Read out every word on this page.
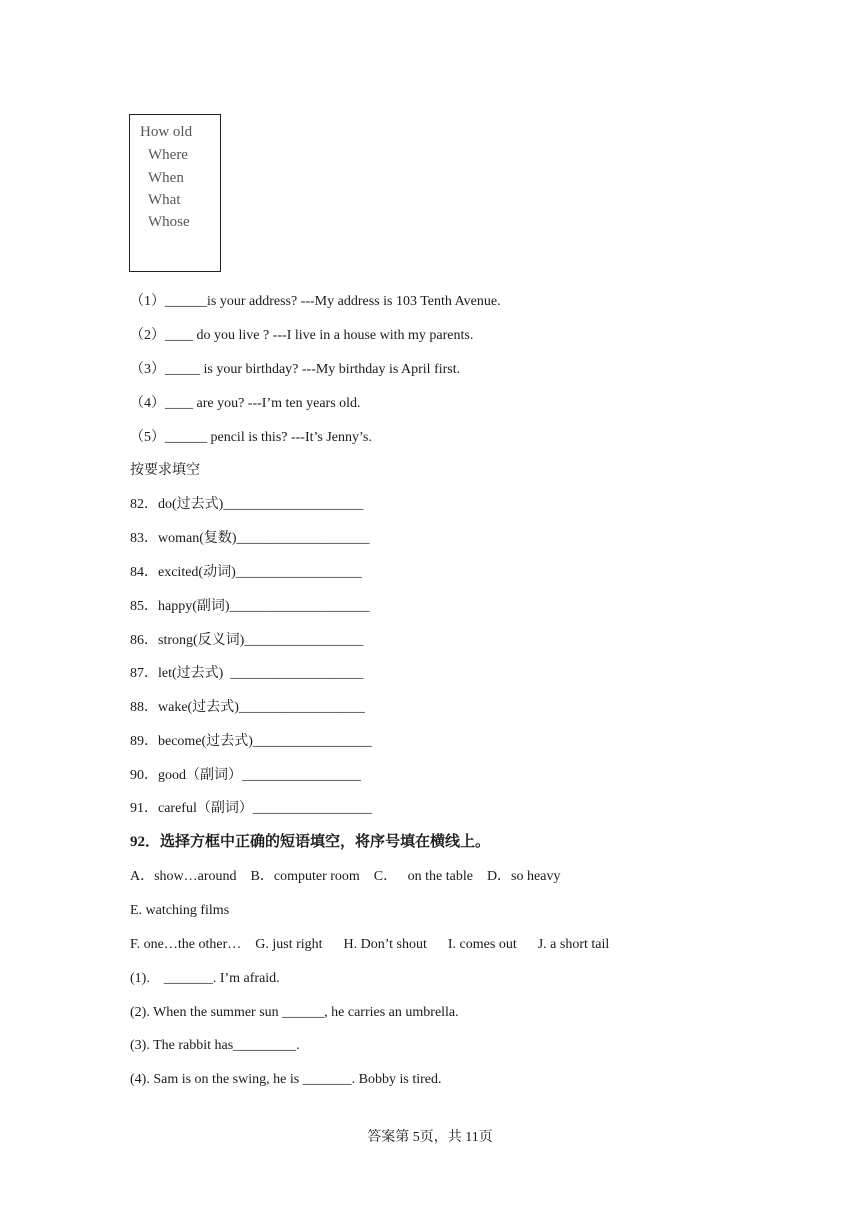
How old
Where
When
What
Whose
（1）______is your address? ---My address is 103 Tenth Avenue.
（2）____ do you live ? ---I live in a house with my parents.
（3）_____ is your birthday? ---My birthday is April first.
（4）____ are you? ---I’m ten years old.
（5）______ pencil is this? ---It’s Jenny’s.
按要求填空
82．do(过去式)____________________
83．woman(复数)___________________
84．excited(动词)__________________
85．happy(副词)____________________
86．strong(反义词)_________________
87．let(过去式)  ___________________
88．wake(过去式)__________________
89．become(过去式)_________________
90．good（副词）_________________
91．careful（副词）_________________
92．选择方框中正确的短语填空，将序号填在横线上。
A．show…around    B．computer room    C．   on the table    D．so heavy
E. watching films
F. one…the other…    G. just right      H. Don’t shout      I. comes out      J. a short tail
(1).    _______. I’m afraid.
(2). When the summer sun ______, he carries an umbrella.
(3). The rabbit has_________.
(4). Sam is on the swing, he is _______. Bobby is tired.
答案第 5页，共 11页
